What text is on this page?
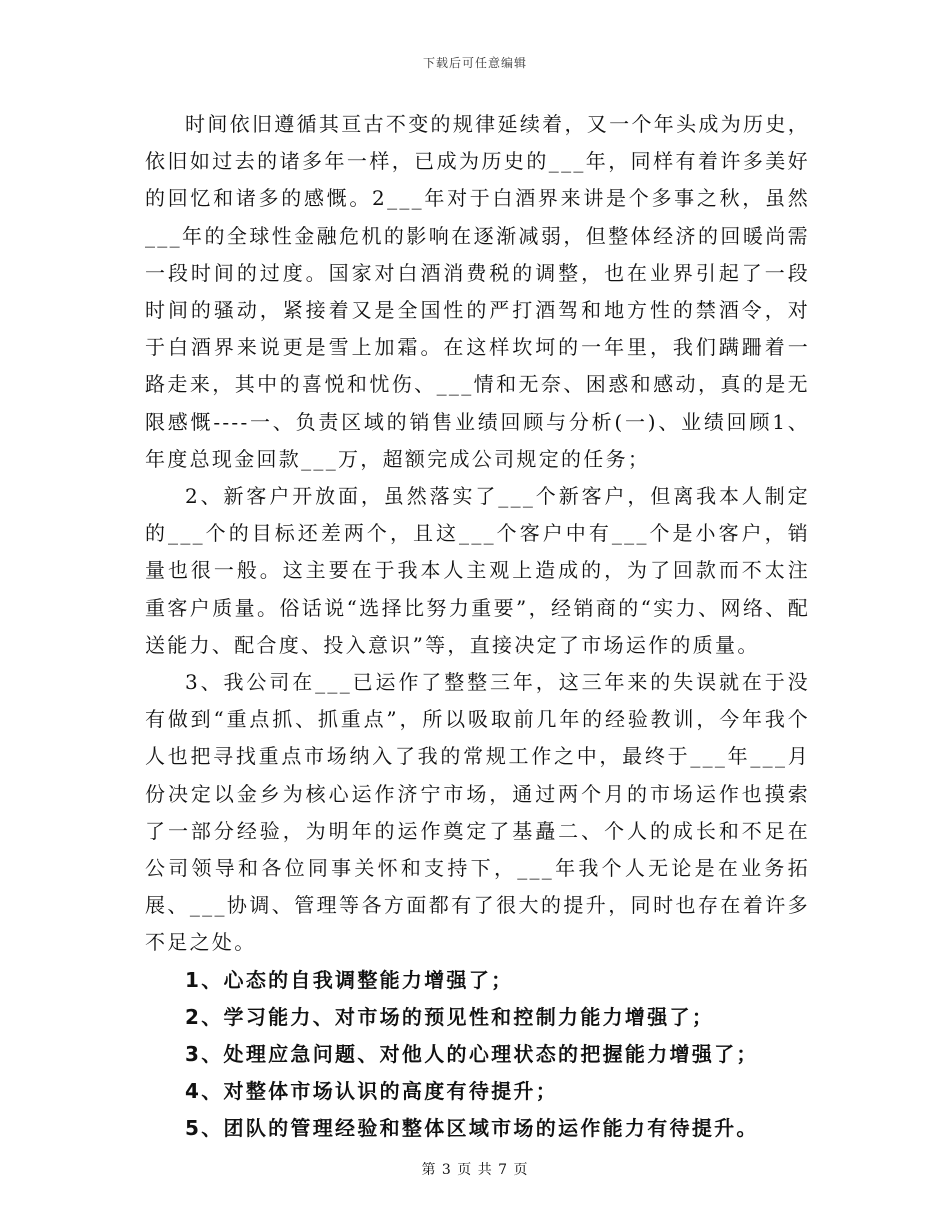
下载后可任意编辑

时间依旧遵循其亘古不变的规律延续着，又一个年头成为历史，依旧如过去的诸多年一样，已成为历史的___年，同样有着许多美好的回忆和诸多的感慨。2___年对于白酒界来讲是个多事之秋，虽然___年的全球性金融危机的影响在逐渐减弱，但整体经济的回暖尚需一段时间的过度。国家对白酒消费税的调整，也在业界引起了一段时间的骚动，紧接着又是全国性的严打酒驾和地方性的禁酒令，对于白酒界来说更是雪上加霜。在这样坎坷的一年里，我们蹒跚着一路走来，其中的喜悦和忧伤、___情和无奈、困惑和感动，真的是无限感慨----一、负责区域的销售业绩回顾与分析(一)、业绩回顾1、年度总现金回款___万，超额完成公司规定的任务；

2、新客户开放面，虽然落实了___个新客户，但离我本人制定的___个的目标还差两个，且这___个客户中有___个是小客户，销量也很一般。这主要在于我本人主观上造成的，为了回款而不太注重客户质量。俗话说“选择比努力重要”，经销商的“实力、网络、配送能力、配合度、投入意识”等，直接决定了市场运作的质量。

3、我公司在___已运作了整整三年，这三年来的失误就在于没有做到“重点抓、抓重点”，所以吸取前几年的经验教训，今年我个人也把寻找重点市场纳入了我的常规工作之中，最终于___年___月份决定以金乡为核心运作济宁市场，通过两个月的市场运作也摸索了一部分经验，为明年的运作奠定了基矗二、个人的成长和不足在公司领导和各位同事关怀和支持下，___年我个人无论是在业务拓展、___协调、管理等各方面都有了很大的提升，同时也存在着许多不足之处。

1、心态的自我调整能力增强了；
2、学习能力、对市场的预见性和控制力能力增强了；
3、处理应急问题、对他人的心理状态的把握能力增强了；
4、对整体市场认识的高度有待提升；
5、团队的管理经验和整体区域市场的运作能力有待提升。
第 3 页 共 7 页
